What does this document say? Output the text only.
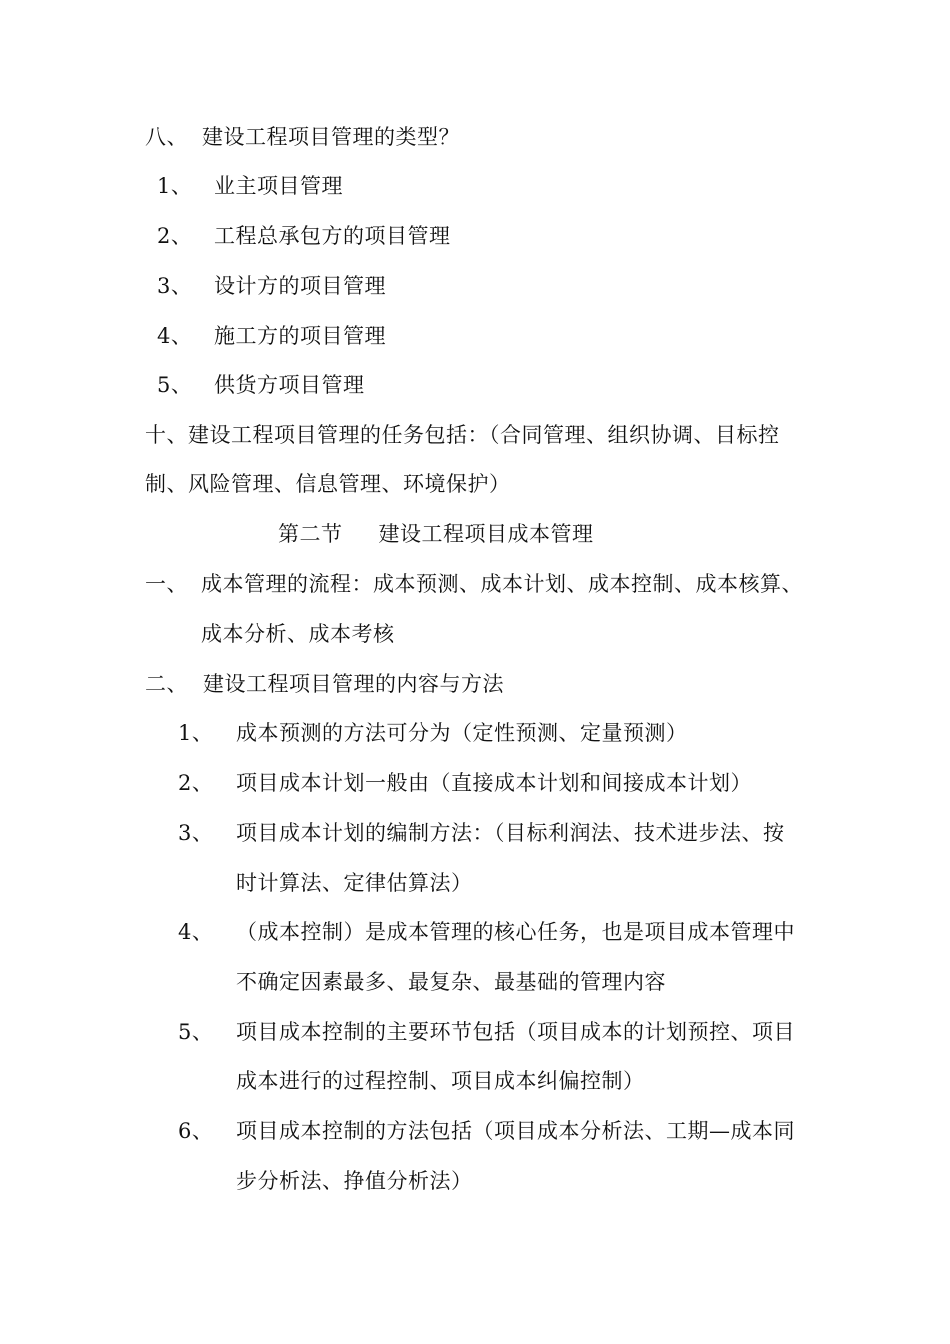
八、 建设工程项目管理的类型？
1、 业主项目管理
2、 工程总承包方的项目管理
3、 设计方的项目管理
4、 施工方的项目管理
5、 供货方项目管理
十、建设工程项目管理的任务包括：（合同管理、组织协调、目标控
制、风险管理、信息管理、环境保护）
第二节 建设工程项目成本管理
一、 成本管理的流程：成本预测、成本计划、成本控制、成本核算、
成本分析、成本考核
二、 建设工程项目管理的内容与方法
1、 成本预测的方法可分为（定性预测、定量预测）
2、 项目成本计划一般由（直接成本计划和间接成本计划）
3、 项目成本计划的编制方法：（目标利润法、技术进步法、按
时计算法、定律估算法）
4、 （成本控制）是成本管理的核心任务，也是项目成本管理中
不确定因素最多、最复杂、最基础的管理内容
5、 项目成本控制的主要环节包括（项目成本的计划预控、项目
成本进行的过程控制、项目成本纠偏控制）
6、 项目成本控制的方法包括（项目成本分析法、工期—成本同
步分析法、挣值分析法）
